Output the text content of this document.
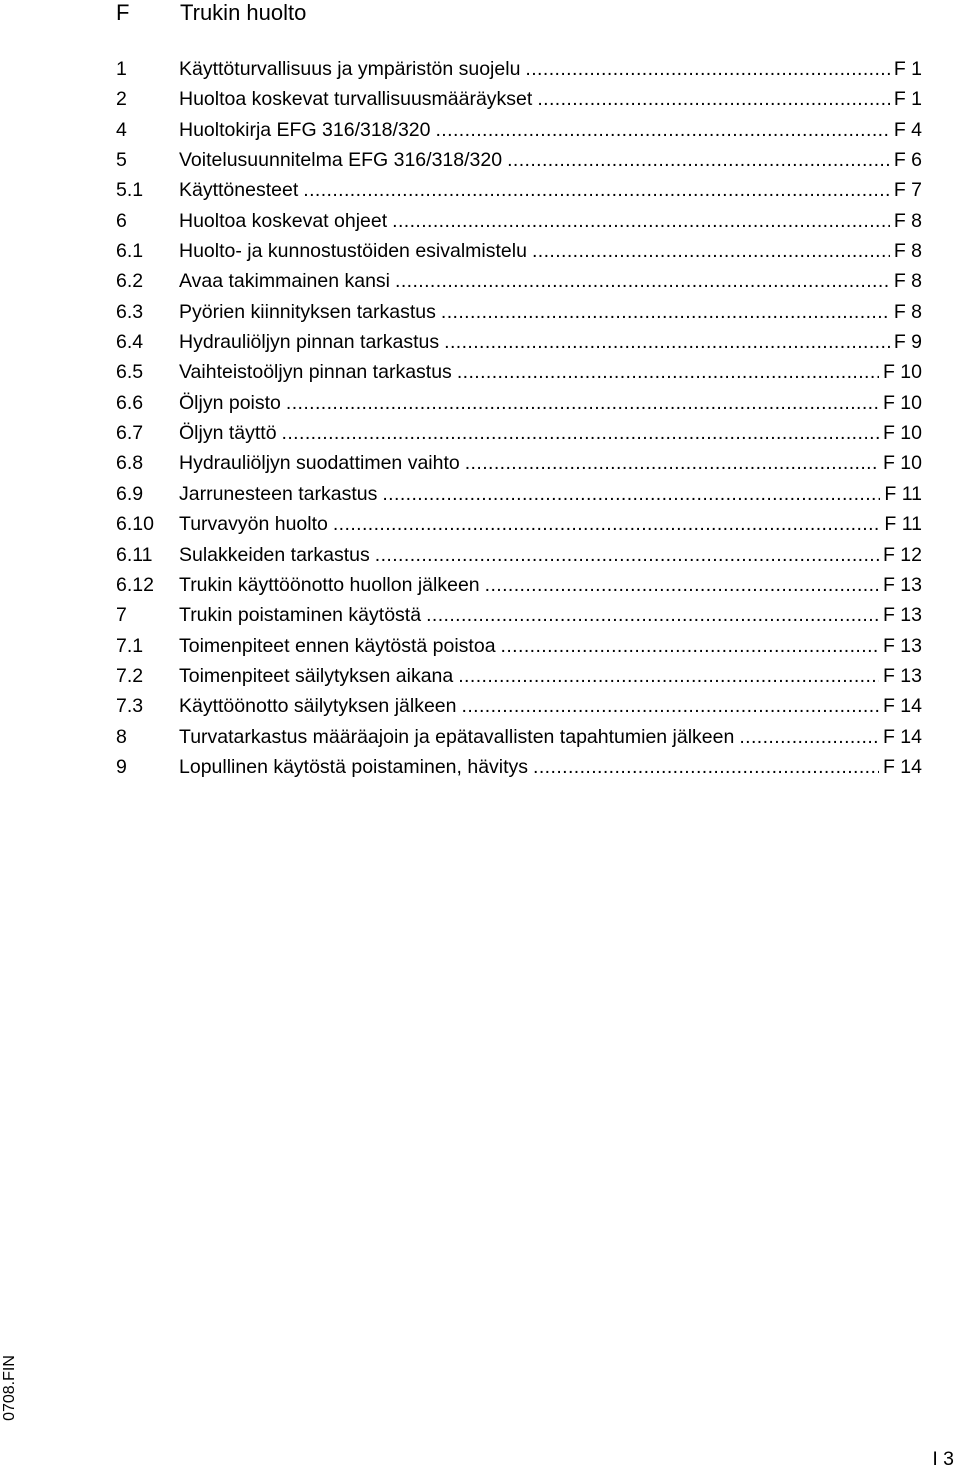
F Trukin huolto
1	Käyttöturvallisuus ja ympäristön suojelu .....	F 1
2	Huoltoa koskevat turvallisuusmääräykset .....	F 1
4	Huoltokirja EFG 316/318/320 .....	F 4
5	Voitelusuunnitelma EFG 316/318/320 .....	F 6
5.1	Käyttönesteet .....	F 7
6	Huoltoa koskevat ohjeet .....	F 8
6.1	Huolto- ja kunnostustöiden esivalmistelu .....	F 8
6.2	Avaa takimmainen kansi .....	F 8
6.3	Pyörien kiinnityksen tarkastus .....	F 8
6.4	Hydrauliöljyn pinnan tarkastus .....	F 9
6.5	Vaihteistoöljyn pinnan tarkastus .....	F 10
6.6	Öljyn poisto .....	F 10
6.7	Öljyn täyttö .....	F 10
6.8	Hydrauliöljyn suodattimen vaihto .....	F 10
6.9	Jarrunesteen tarkastus .....	F 11
6.10	Turvavyön huolto .....	F 11
6.11	Sulakkeiden tarkastus .....	F 12
6.12	Trukin käyttöönotto huollon jälkeen .....	F 13
7	Trukin poistaminen käytöstä .....	F 13
7.1	Toimenpiteet ennen käytöstä poistoa .....	F 13
7.2	Toimenpiteet säilytyksen aikana .....	F 13
7.3	Käyttöönotto säilytyksen jälkeen .....	F 14
8	Turvatarkastus määräajoin ja epätavallisten tapahtumien jälkeen .....	F 14
9	Lopullinen käytöstä poistaminen, hävitys .....	F 14
0708.FIN
I 3
